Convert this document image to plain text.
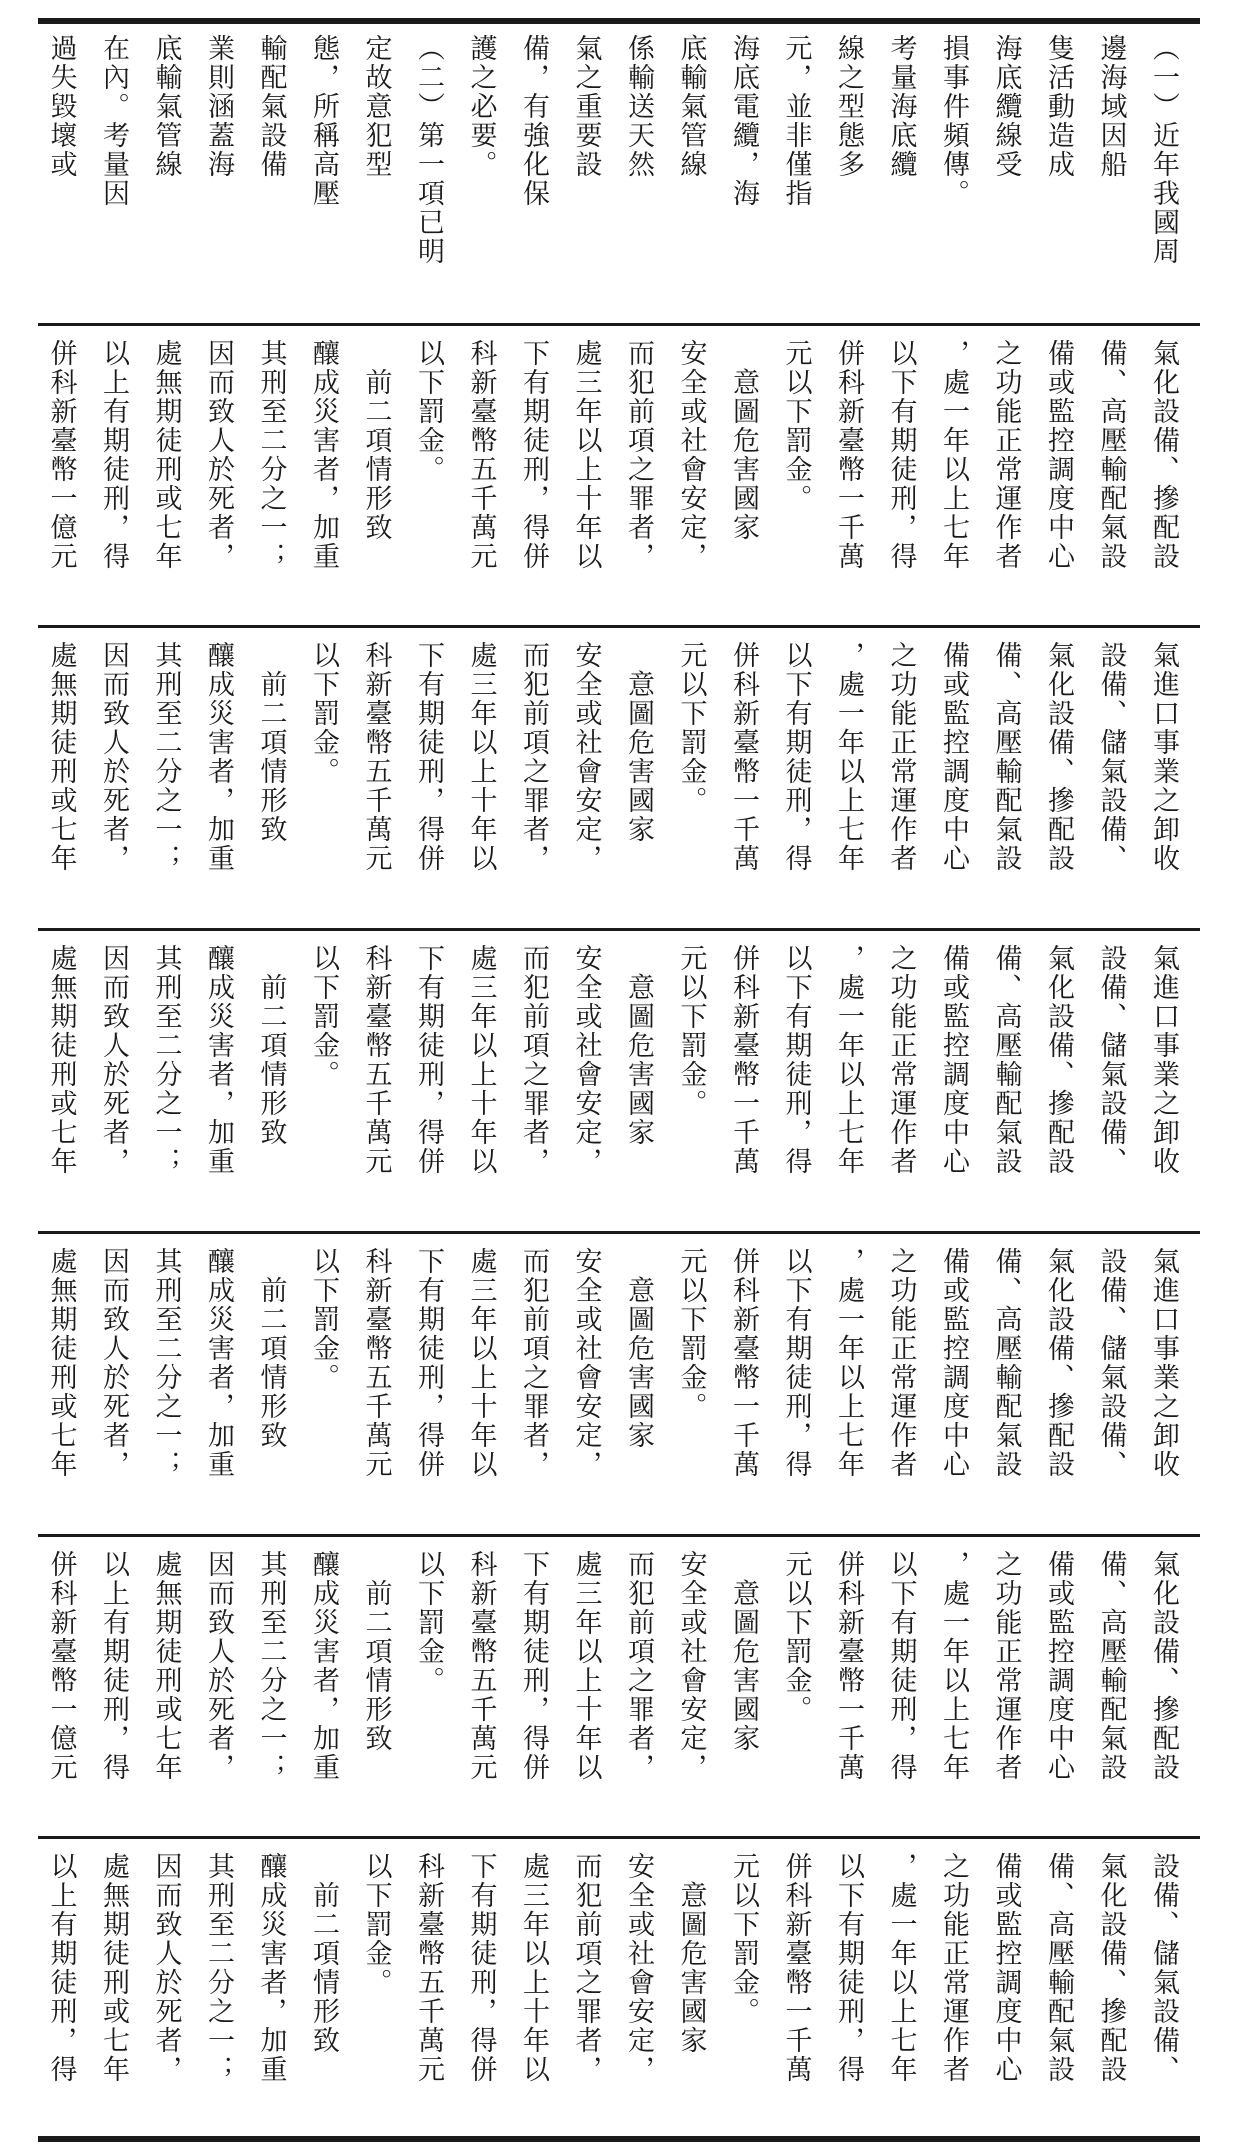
（一）近年我國周
邊海域因船
隻活動造成
海底纜線受
損事件頻傳。
考量海底纜
線之型態多
元，並非僅指
海底電纜，海
底輸氣管線
係輸送天然
氣之重要設
備，有強化保
護之必要。
（二）第一項已明
定故意犯型
態，所稱高壓
輸配氣設備
業則涵蓋海
底輸氣管線
在內。考量因
過失毀壞或
氣化設備、摻配設
備、高壓輸配氣設
備或監控調度中心
之功能正常運作者
，處一年以上七年
以下有期徒刑，得
併科新臺幣一千萬
元以下罰金。
　意圖危害國家
安全或社會安定，
而犯前項之罪者，
處三年以上十年以
下有期徒刑，得併
科新臺幣五千萬元
以下罰金。
　前二項情形致
釀成災害者，加重
其刑至二分之一；
因而致人於死者，
處無期徒刑或七年
以上有期徒刑，得
併科新臺幣一億元
氣進口事業之卸收
設備、儲氣設備、
氣化設備、摻配設
備、高壓輸配氣設
備或監控調度中心
之功能正常運作者
，處一年以上七年
以下有期徒刑，得
併科新臺幣一千萬
元以下罰金。
　意圖危害國家
安全或社會安定，
而犯前項之罪者，
處三年以上十年以
下有期徒刑，得併
科新臺幣五千萬元
以下罰金。
　前二項情形致
釀成災害者，加重
其刑至二分之一；
因而致人於死者，
處無期徒刑或七年
氣進口事業之卸收
設備、儲氣設備、
氣化設備、摻配設
備、高壓輸配氣設
備或監控調度中心
之功能正常運作者
，處一年以上七年
以下有期徒刑，得
併科新臺幣一千萬
元以下罰金。
　意圖危害國家
安全或社會安定，
而犯前項之罪者，
處三年以上十年以
下有期徒刑，得併
科新臺幣五千萬元
以下罰金。
　前二項情形致
釀成災害者，加重
其刑至二分之一；
因而致人於死者，
處無期徒刑或七年
氣進口事業之卸收
設備、儲氣設備、
氣化設備、摻配設
備、高壓輸配氣設
備或監控調度中心
之功能正常運作者
，處一年以上七年
以下有期徒刑，得
併科新臺幣一千萬
元以下罰金。
　意圖危害國家
安全或社會安定，
而犯前項之罪者，
處三年以上十年以
下有期徒刑，得併
科新臺幣五千萬元
以下罰金。
　前二項情形致
釀成災害者，加重
其刑至二分之一；
因而致人於死者，
處無期徒刑或七年
氣化設備、摻配設
備、高壓輸配氣設
備或監控調度中心
之功能正常運作者
，處一年以上七年
以下有期徒刑，得
併科新臺幣一千萬
元以下罰金。
　意圖危害國家
安全或社會安定，
而犯前項之罪者，
處三年以上十年以
下有期徒刑，得併
科新臺幣五千萬元
以下罰金。
　前二項情形致
釀成災害者，加重
其刑至二分之一；
因而致人於死者，
處無期徒刑或七年
以上有期徒刑，得
併科新臺幣一億元
設備、儲氣設備、
氣化設備、摻配設
備、高壓輸配氣設
備或監控調度中心
之功能正常運作者
，處一年以上七年
以下有期徒刑，得
併科新臺幣一千萬
元以下罰金。
　意圖危害國家
安全或社會安定，
而犯前項之罪者，
處三年以上十年以
下有期徒刑，得併
科新臺幣五千萬元
以下罰金。
　前二項情形致
釀成災害者，加重
其刑至二分之一；
因而致人於死者，
處無期徒刑或七年
以上有期徒刑，得
